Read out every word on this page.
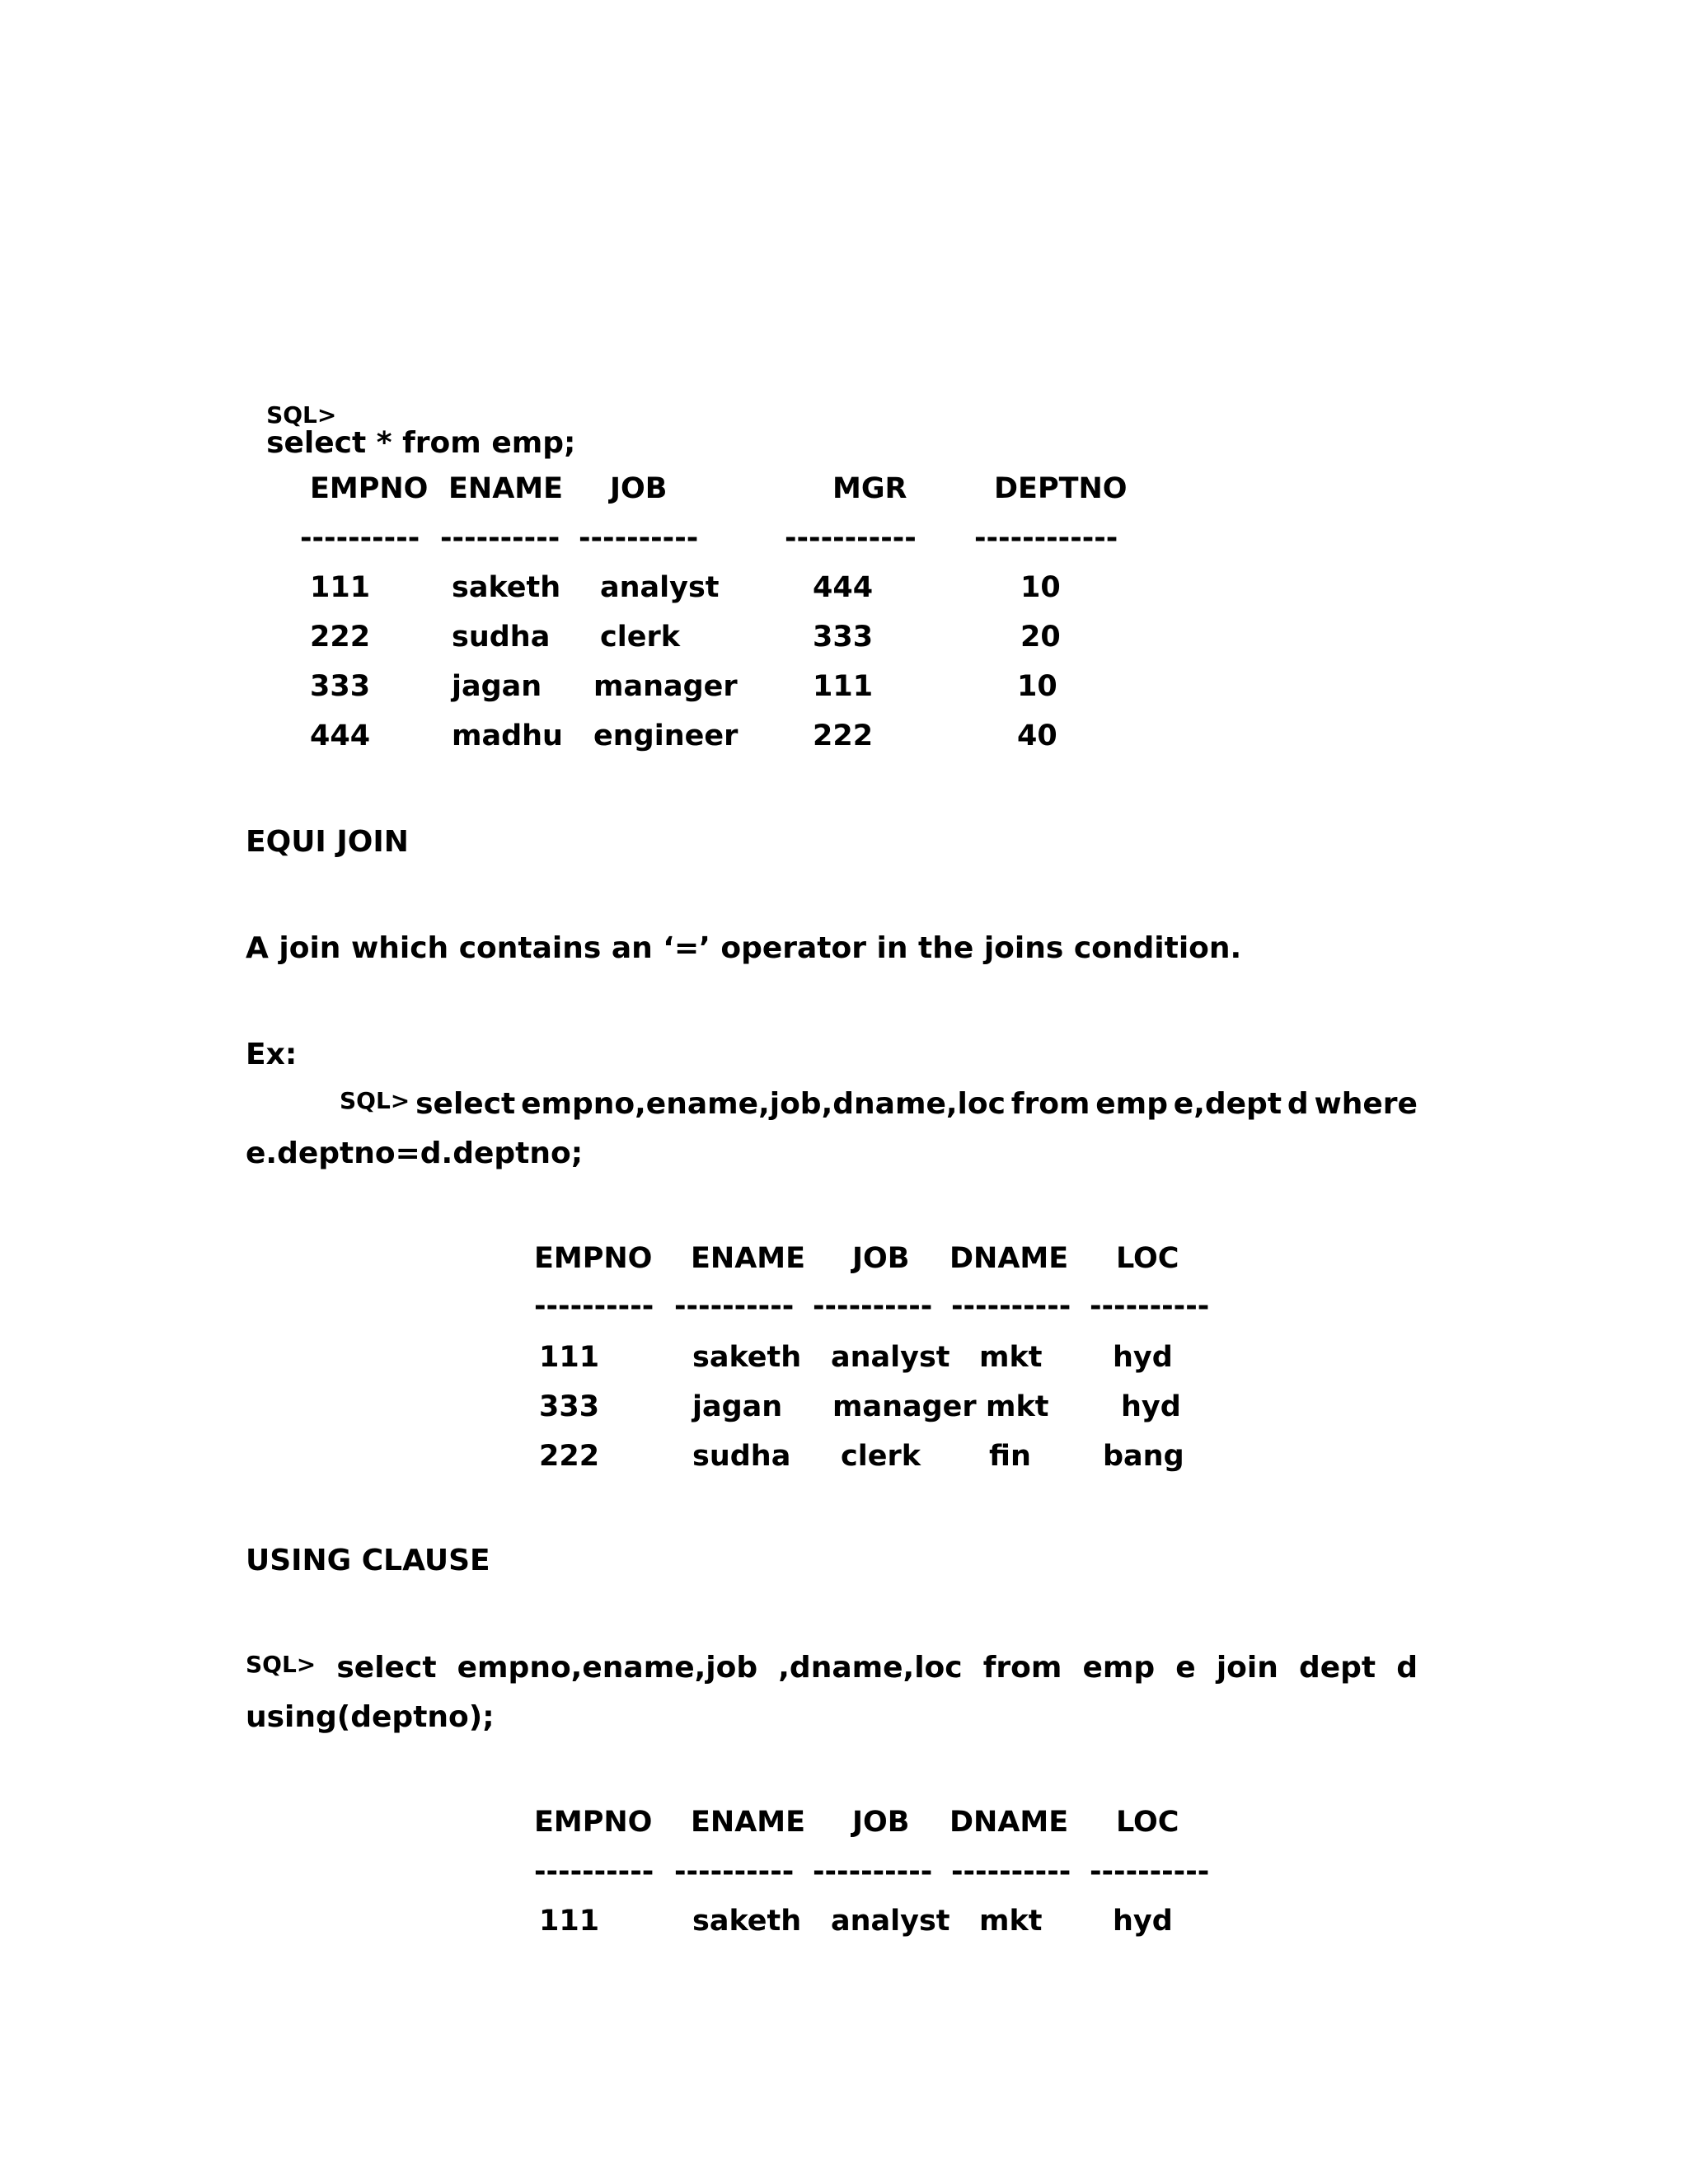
SQL>
select * from emp;

EMPNO ENAME JOB	MGR	DEPTNO
---------- ---------- ----------	----------- ------------
111	saketh analyst	444	10
222	sudha clerk	333	20
333	jagan manager	111	10
444	madhu engineer	222	40
EQUI JOIN
A join which contains an ‘=’ operator in the joins condition.
Ex:
SQL> select empno,ename,job,dname,loc from emp e,dept d where
e.deptno=d.deptno;
EMPNO ENAME JOB DNAME LOC
---------- ---------- ---------- ---------- ----------
111	saketh analyst mkt hyd
333	jagan manager mkt	hyd
222	sudha clerk fin bang
USING CLAUSE
SQL> select empno,ename,job ,dname,loc from emp e join dept d
using(deptno);
EMPNO ENAME JOB DNAME LOC
---------- ---------- ---------- ---------- ----------
111	saketh analyst mkt hyd
